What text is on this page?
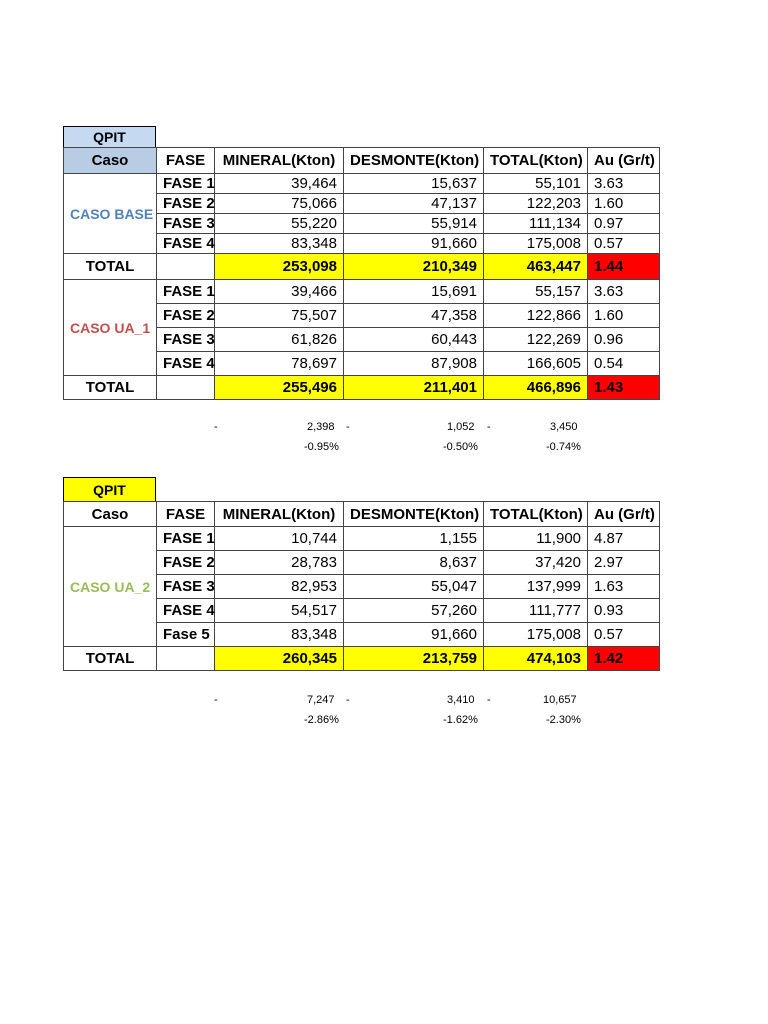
QPIT
Caso	FASE	MINERAL(Kton)	DESMONTE(Kton)	TOTAL(Kton)	Au (Gr/t)
CASO BASE	FASE 1	39,464	15,637	55,101	3.63
	FASE 2	75,066	47,137	122,203	1.60
	FASE 3	55,220	55,914	111,134	0.97
	FASE 4	83,348	91,660	175,008	0.57
TOTAL		253,098	210,349	463,447	1.44
CASO UA_1	FASE 1	39,466	15,691	55,157	3.63
	FASE 2	75,507	47,358	122,866	1.60
	FASE 3	61,826	60,443	122,269	0.96
	FASE 4	78,697	87,908	166,605	0.54
TOTAL		255,496	211,401	466,896	1.43
-	2,398 -	1,052 -	3,450
-0.95%	-0.50%	-0.74%
QPIT
Caso	FASE	MINERAL(Kton)	DESMONTE(Kton)	TOTAL(Kton)	Au (Gr/t)
CASO UA_2	FASE 1	10,744	1,155	11,900	4.87
	FASE 2	28,783	8,637	37,420	2.97
	FASE 3	82,953	55,047	137,999	1.63
	FASE 4	54,517	57,260	111,777	0.93
	Fase 5	83,348	91,660	175,008	0.57
TOTAL		260,345	213,759	474,103	1.42
-	7,247 -	3,410 -	10,657
-2.86%	-1.62%	-2.30%
